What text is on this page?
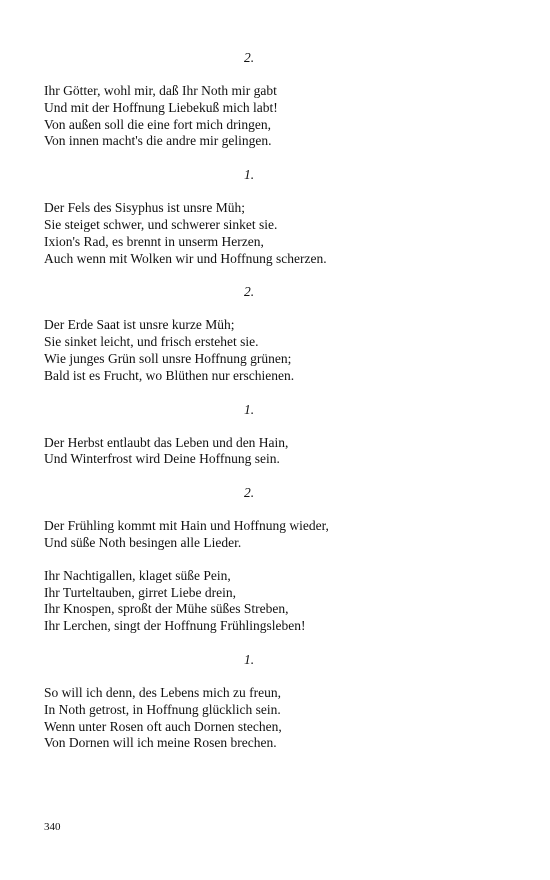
2.
Ihr Götter, wohl mir, daß Ihr Noth mir gabt
Und mit der Hoffnung Liebekuß mich labt!
Von außen soll die eine fort mich dringen,
Von innen macht's die andre mir gelingen.
1.
Der Fels des Sisyphus ist unsre Müh;
Sie steiget schwer, und schwerer sinket sie.
Ixion's Rad, es brennt in unserm Herzen,
Auch wenn mit Wolken wir und Hoffnung scherzen.
2.
Der Erde Saat ist unsre kurze Müh;
Sie sinket leicht, und frisch erstehet sie.
Wie junges Grün soll unsre Hoffnung grünen;
Bald ist es Frucht, wo Blüthen nur erschienen.
1.
Der Herbst entlaubt das Leben und den Hain,
Und Winterfrost wird Deine Hoffnung sein.
2.
Der Frühling kommt mit Hain und Hoffnung wieder,
Und süße Noth besingen alle Lieder.
Ihr Nachtigallen, klaget süße Pein,
Ihr Turteltauben, girret Liebe drein,
Ihr Knospen, sproßt der Mühe süßes Streben,
Ihr Lerchen, singt der Hoffnung Frühlingsleben!
1.
So will ich denn, des Lebens mich zu freun,
In Noth getrost, in Hoffnung glücklich sein.
Wenn unter Rosen oft auch Dornen stechen,
Von Dornen will ich meine Rosen brechen.
340
